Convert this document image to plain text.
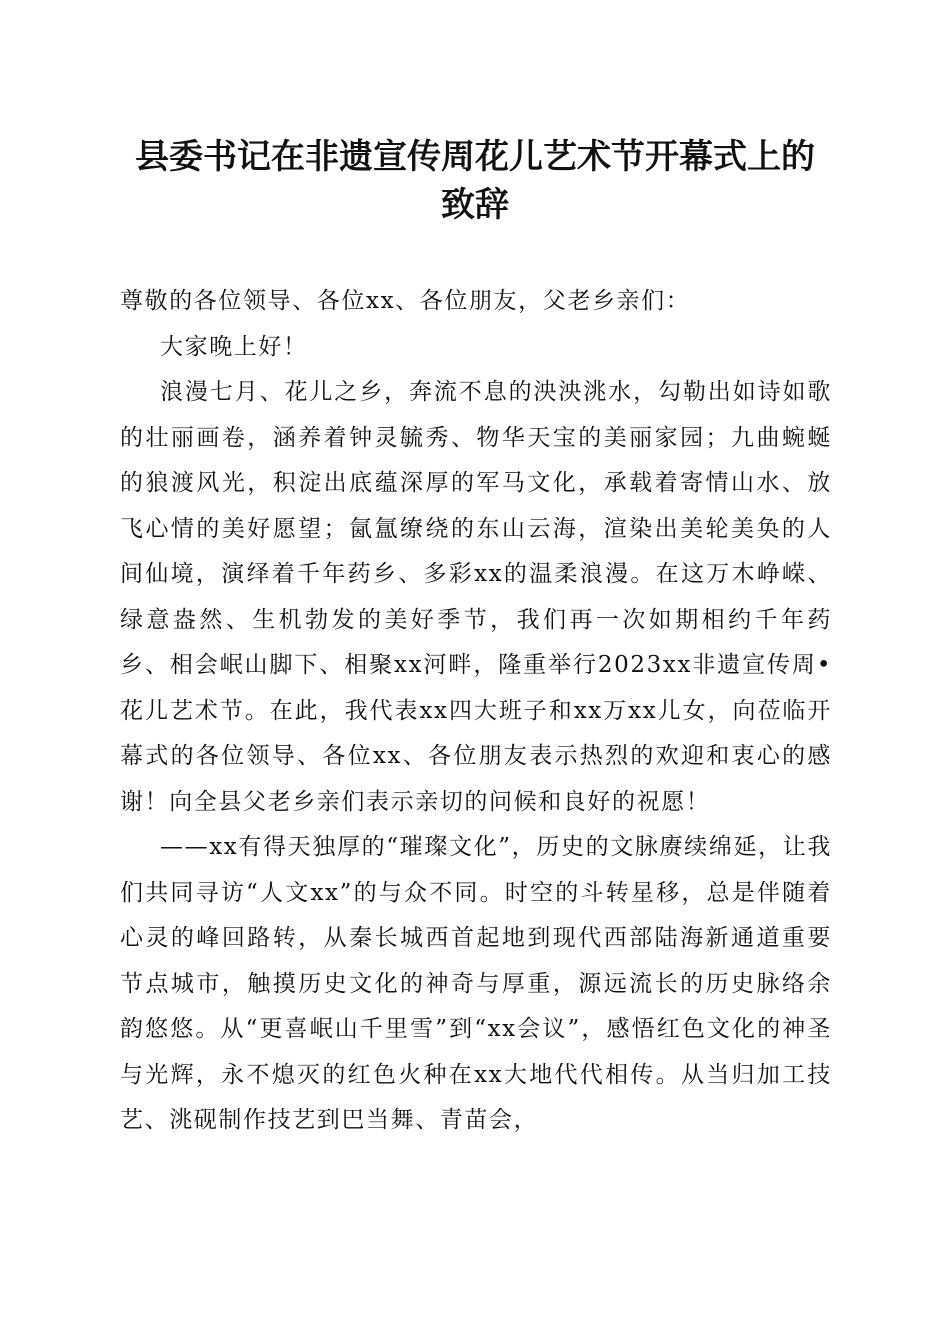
县委书记在非遗宣传周花儿艺术节开幕式上的
致辞

尊敬的各位领导、各位xx、各位朋友，父老乡亲们：

大家晚上好！

浪漫七月、花儿之乡，奔流不息的泱泱洮水，勾勒出如诗如歌的壮丽画卷，涵养着钟灵毓秀、物华天宝的美丽家园；九曲蜿蜒的狼渡风光，积淀出底蕴深厚的军马文化，承载着寄情山水、放飞心情的美好愿望；氤氲缭绕的东山云海，渲染出美轮美奂的人间仙境，演绎着千年药乡、多彩xx的温柔浪漫。在这万木峥嵘、绿意盎然、生机勃发的美好季节，我们再一次如期相约千年药乡、相会岷山脚下、相聚xx河畔，隆重举行2023xx非遗宣传周•花儿艺术节。在此，我代表xx四大班子和xx万xx儿女，向莅临开幕式的各位领导、各位xx、各位朋友表示热烈的欢迎和衷心的感谢！向全县父老乡亲们表示亲切的问候和良好的祝愿！

——xx有得天独厚的“璀璨文化”，历史的文脉赓续绵延，让我们共同寻访“人文xx”的与众不同。时空的斗转星移，总是伴随着心灵的峰回路转，从秦长城西首起地到现代西部陆海新通道重要节点城市，触摸历史文化的神奇与厚重，源远流长的历史脉络余韵悠悠。从“更喜岷山千里雪”到“xx会议”，感悟红色文化的神圣与光辉，永不熄灭的红色火种在xx大地代代相传。从当归加工技艺、洮砚制作技艺到巴当舞、青苗会，
